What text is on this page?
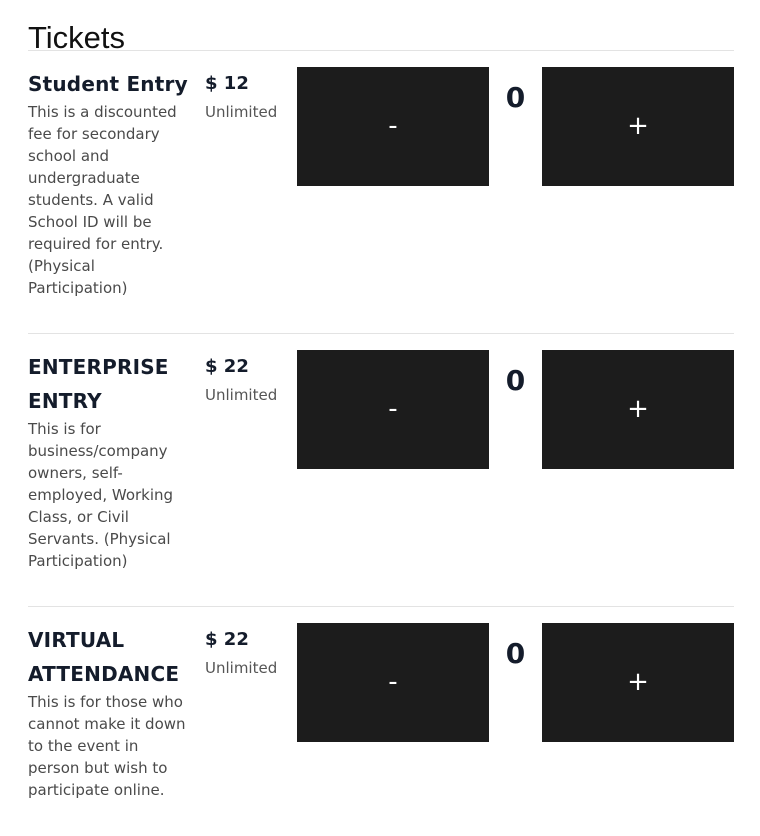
Tickets
Student Entry
This is a discounted fee for secondary school and undergraduate students. A valid School ID will be required for entry. (Physical Participation)
$ 12
Unlimited	-
0
+
ENTERPRISE ENTRY
This is for business/company owners, self-employed, Working Class, or Civil Servants. (Physical Participation)
$ 22
Unlimited	-
0
+
VIRTUAL ATTENDANCE
This is for those who cannot make it down to the event in person but wish to participate online.
$ 22
Unlimited	-
0
+
